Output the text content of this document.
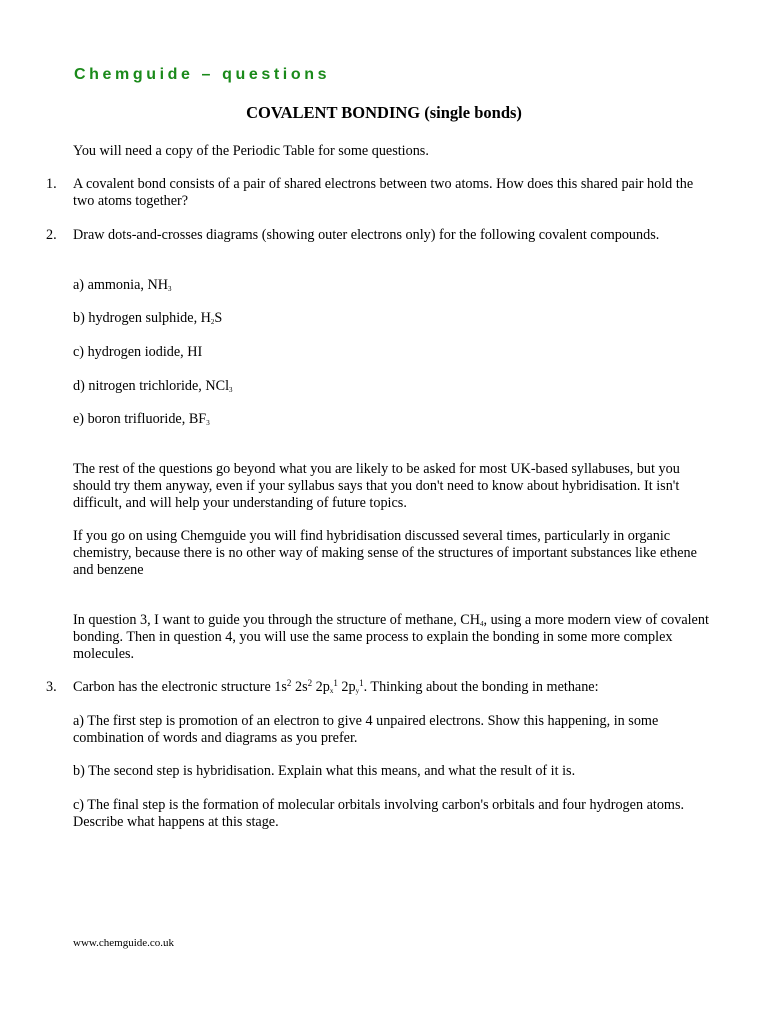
Chemguide – questions
COVALENT BONDING (single bonds)
You will need a copy of the Periodic Table for some questions.
1. A covalent bond consists of a pair of shared electrons between two atoms. How does this shared pair hold the two atoms together?
2. Draw dots-and-crosses diagrams (showing outer electrons only) for the following covalent compounds.
a) ammonia, $NH_3$
b) hydrogen sulphide, $H_2S$
c) hydrogen iodide, HI
d) nitrogen trichloride, NCl$_3$
e) boron trifluoride, $BF_3$
The rest of the questions go beyond what you are likely to be asked for most UK-based syllabuses, but you should try them anyway, even if your syllabus says that you don't need to know about hybridisation. It isn't difficult, and will help your understanding of future topics.
If you go on using Chemguide you will find hybridisation discussed several times, particularly in organic chemistry, because there is no other way of making sense of the structures of important substances like ethene and benzene
In question 3, I want to guide you through the structure of methane, $CH_4$, using a more modern view of covalent bonding. Then in question 4, you will use the same process to explain the bonding in some more complex molecules.
3. Carbon has the electronic structure $1s^2$ $2s^2$ $2p_x^1$ $2p_y^1$. Thinking about the bonding in methane:
a) The first step is promotion of an electron to give 4 unpaired electrons. Show this happening, in some combination of words and diagrams as you prefer.
b) The second step is hybridisation. Explain what this means, and what the result of it is.
c) The final step is the formation of molecular orbitals involving carbon's orbitals and four hydrogen atoms. Describe what happens at this stage.
www.chemguide.co.uk
